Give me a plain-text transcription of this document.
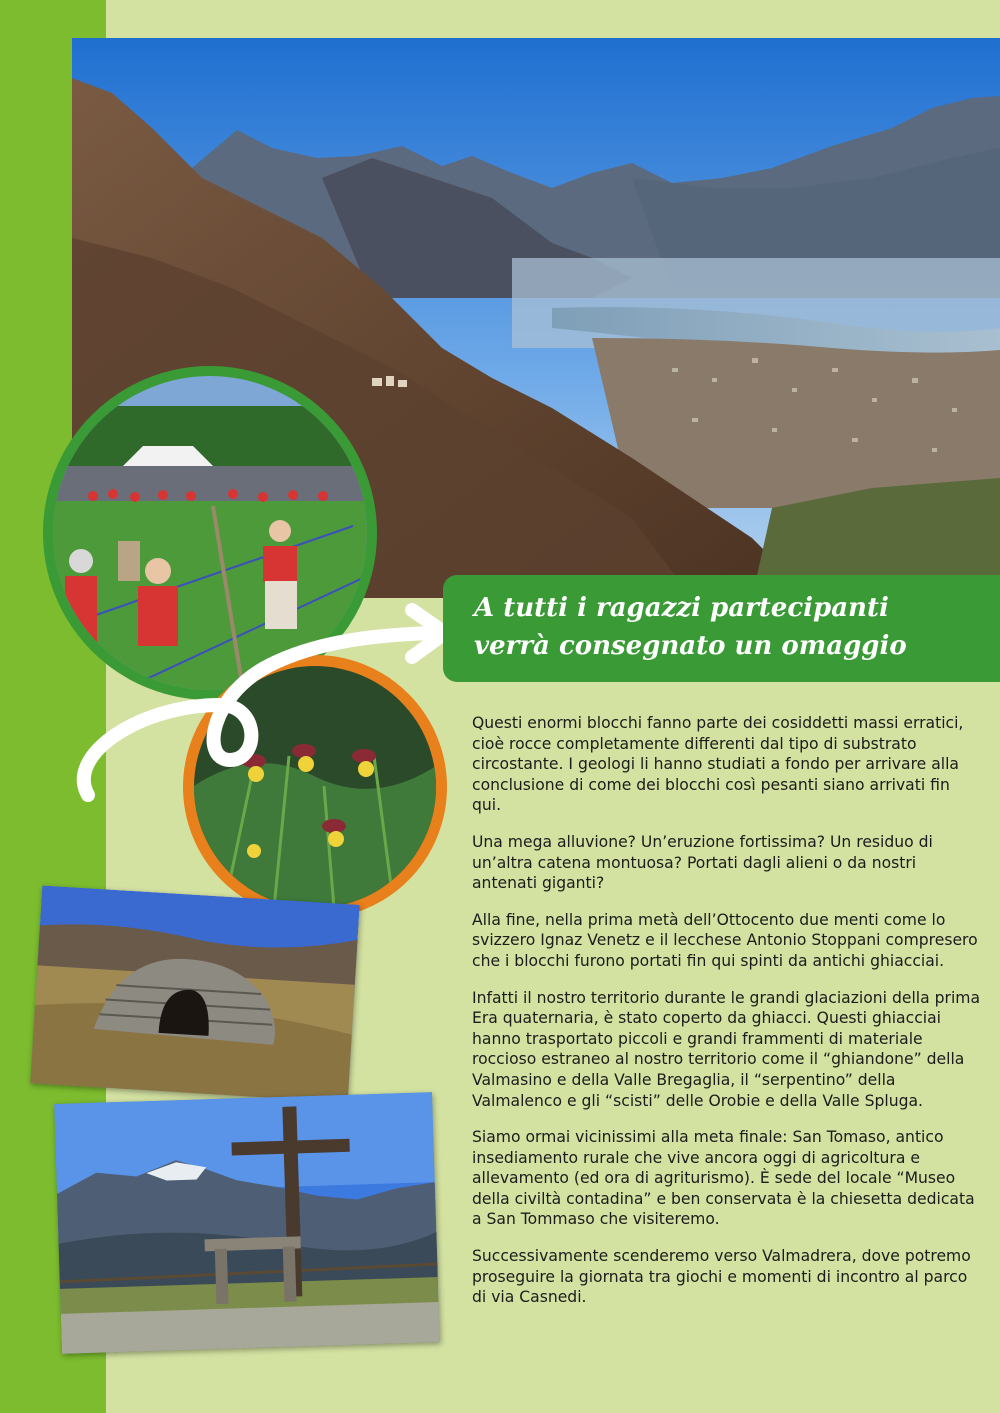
A tutti i ragazzi partecipanti
verrà consegnato un omaggio

Questi enormi blocchi fanno parte dei cosiddetti massi erratici, cioè rocce completamente differenti dal tipo di substrato circostante. I geologi li hanno studiati a fondo per arrivare alla conclusione di come dei blocchi così pesanti siano arrivati fin qui.

Una mega alluvione? Un’eruzione fortissima? Un residuo di un’altra catena montuosa? Portati dagli alieni o da nostri antenati giganti?

Alla fine, nella prima metà dell’Ottocento due menti come lo svizzero Ignaz Venetz e il lecchese Antonio Stoppani compresero che i blocchi furono portati fin qui spinti da antichi ghiacciai.

Infatti il nostro territorio durante le grandi glaciazioni della prima Era quaternaria, è stato coperto da ghiacci. Questi ghiacciai hanno trasportato piccoli e grandi frammenti di materiale roccioso estraneo al nostro territorio come il “ghiandone” della Valmasino e della Valle Bregaglia, il “serpentino” della Valmalenco e gli “scisti” delle Orobie e della Valle Spluga.

Siamo ormai vicinissimi alla meta finale: San Tomaso, antico insediamento rurale che vive ancora oggi di agricoltura e allevamento (ed ora di agriturismo). È sede del locale “Museo della civiltà contadina” e ben conservata è la chiesetta dedicata a San Tommaso che visiteremo.

Successivamente scenderemo verso Valmadrera, dove potremo proseguire la giornata tra giochi e momenti di incontro al parco di via Casnedi.
